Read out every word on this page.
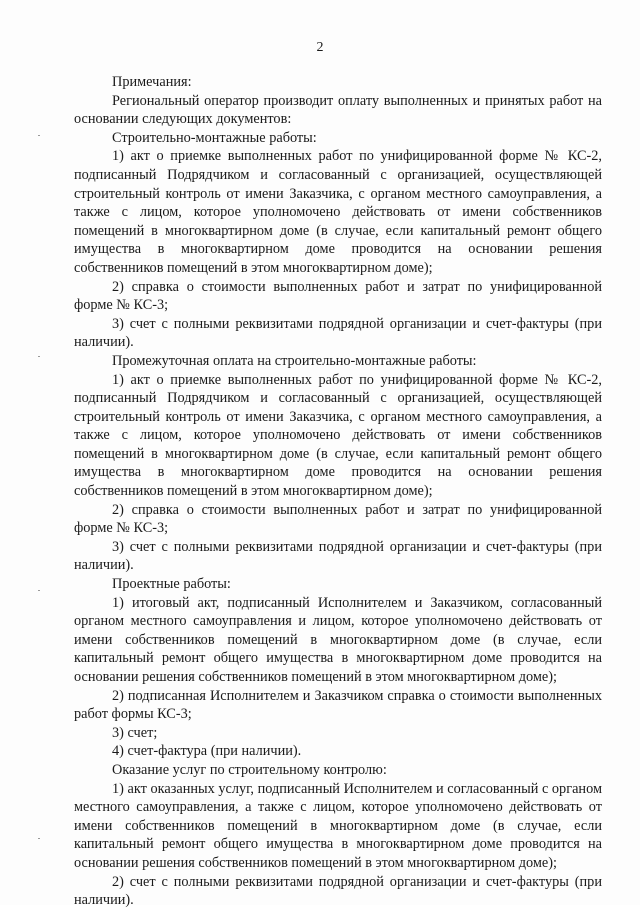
2

Примечания:

Региональный оператор производит оплату выполненных и принятых работ на основании следующих документов:

Строительно-монтажные работы:

1) акт о приемке выполненных работ по унифицированной форме № КС-2, подписанный Подрядчиком и согласованный с организацией, осуществляющей строительный контроль от имени Заказчика, с органом местного самоуправления, а также с лицом, которое уполномочено действовать от имени собственников помещений в многоквартирном доме (в случае, если капитальный ремонт общего имущества в многоквартирном доме проводится на основании решения собственников помещений в этом многоквартирном доме);

2) справка о стоимости выполненных работ и затрат по унифицированной форме № КС-3;

3) счет с полными реквизитами подрядной организации и счет-фактуры (при наличии).

Промежуточная оплата на строительно-монтажные работы:

1) акт о приемке выполненных работ по унифицированной форме № КС-2, подписанный Подрядчиком и согласованный с организацией, осуществляющей строительный контроль от имени Заказчика, с органом местного самоуправления, а также с лицом, которое уполномочено действовать от имени собственников помещений в многоквартирном доме (в случае, если капитальный ремонт общего имущества в многоквартирном доме проводится на основании решения собственников помещений в этом многоквартирном доме);

2) справка о стоимости выполненных работ и затрат по унифицированной форме № КС-3;

3) счет с полными реквизитами подрядной организации и счет-фактуры (при наличии).

Проектные работы:

1) итоговый акт, подписанный Исполнителем и Заказчиком, согласованный органом местного самоуправления и лицом, которое уполномочено действовать от имени собственников помещений в многоквартирном доме (в случае, если капитальный ремонт общего имущества в многоквартирном доме проводится на основании решения собственников помещений в этом многоквартирном доме);

2) подписанная Исполнителем и Заказчиком справка о стоимости выполненных работ формы КС-3;

3) счет;

4) счет-фактура (при наличии).

Оказание услуг по строительному контролю:

1) акт оказанных услуг, подписанный Исполнителем и согласованный с органом местного самоуправления, а также с лицом, которое уполномочено действовать от имени собственников помещений в многоквартирном доме (в случае, если капитальный ремонт общего имущества в многоквартирном доме проводится на основании решения собственников помещений в этом многоквартирном доме);

2) счет с полными реквизитами подрядной организации и счет-фактуры (при наличии).
